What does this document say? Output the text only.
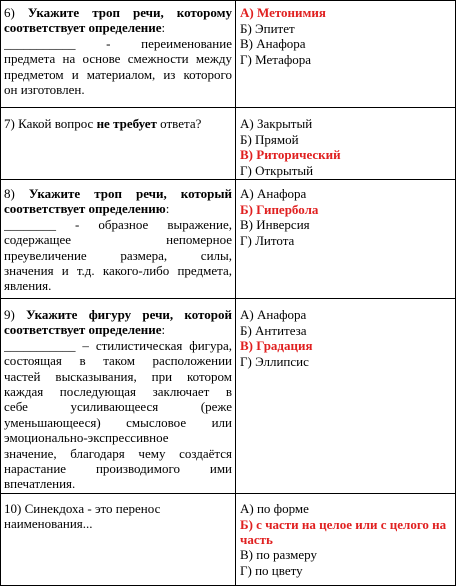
6) Укажите троп речи, которому
соответствует определение:
___________ - переименование
предмета на основе смежности между
предметом и материалом, из которого
он изготовлен.
А) Метонимия
Б) Эпитет
В) Анафора
Г) Метафора
7) Какой вопрос не требует ответа?	А) Закрытый
Б) Прямой
В) Риторический
Г) Открытый
8) Укажите троп речи, который
соответствует определению:
________ - образное выражение,
содержащее непомерное
преувеличение размера, силы,
значения и т.д. какого-либо предмета,
явления.
А) Анафора
Б) Гипербола
В) Инверсия
Г) Литота
9) Укажите фигуру речи, которой
соответствует определение:
___________ – стилистическая фигура,
состоящая в таком расположении
частей высказывания, при котором
каждая последующая заключает в
себе усиливающееся (реже
уменьшающееся) смысловое или
эмоционально-экспрессивное
значение, благодаря чему создаётся
нарастание производимого ими
впечатления.
А) Анафора
Б) Антитеза
В) Градация
Г) Эллипсис
10) Синекдоха - это перенос
наименования...
А) по форме
Б) с части на целое или с целого на часть
В) по размеру
Г) по цвету
